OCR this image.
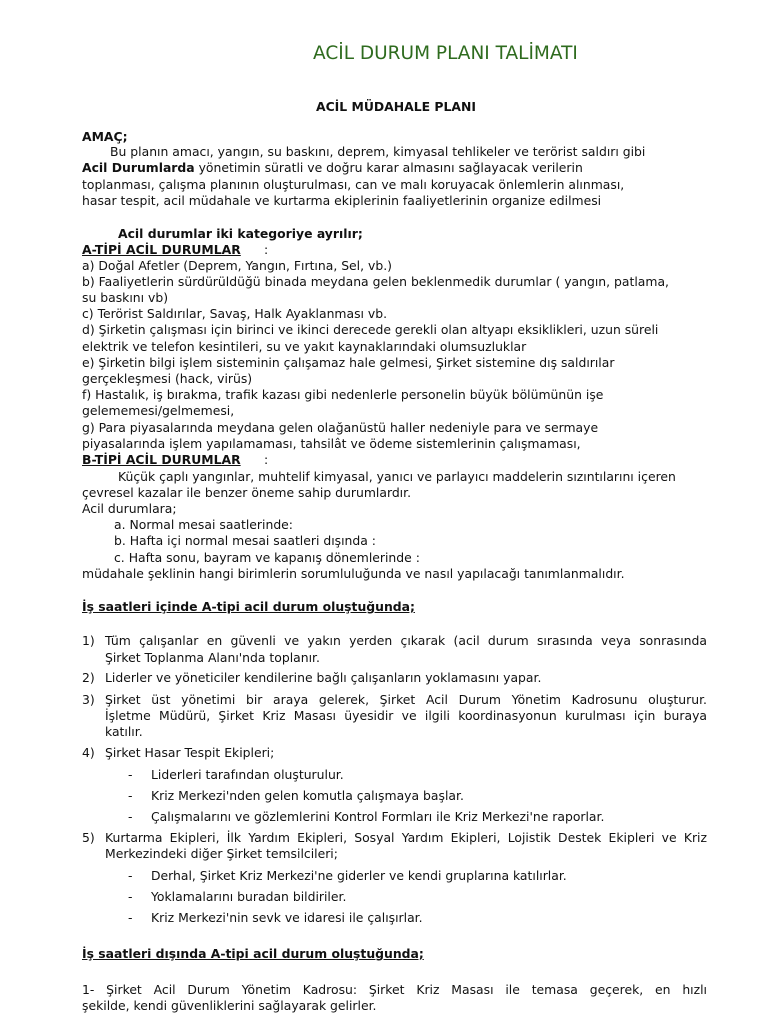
ACİL DURUM PLANI TALİMATI
ACİL MÜDAHALE PLANI
AMAÇ;
Bu planın amacı, yangın, su baskını, deprem, kimyasal tehlikeler ve terörist saldırı gibi
Acil Durumlarda yönetimin süratli ve doğru karar almasını sağlayacak verilerin
toplanması, çalışma planının oluşturulması, can ve malı koruyacak önlemlerin alınması,
hasar tespit, acil müdahale ve kurtarma ekiplerinin faaliyetlerinin organize edilmesi
Acil durumlar iki kategoriye ayrılır;
A-TİPİ ACİL DURUMLAR :
a) Doğal Afetler (Deprem, Yangın, Fırtına, Sel, vb.)
b) Faaliyetlerin sürdürüldüğü binada meydana gelen beklenmedik durumlar ( yangın, patlama,
su baskını vb)
c) Terörist Saldırılar, Savaş, Halk Ayaklanması vb.
d) Şirketin çalışması için birinci ve ikinci derecede gerekli olan altyapı eksiklikleri, uzun süreli
elektrik ve telefon kesintileri, su ve yakıt kaynaklarındaki olumsuzluklar
e) Şirketin bilgi işlem sisteminin çalışamaz hale gelmesi, Şirket sistemine dış saldırılar
gerçekleşmesi (hack, virüs)
f) Hastalık, iş bırakma, trafik kazası gibi nedenlerle personelin büyük bölümünün işe
gelememesi/gelmemesi,
g) Para piyasalarında meydana gelen olağanüstü haller nedeniyle para ve sermaye
piyasalarında işlem yapılamaması, tahsilât ve ödeme sistemlerinin çalışmaması,
B-TİPİ ACİL DURUMLAR :
Küçük çaplı yangınlar, muhtelif kimyasal, yanıcı ve parlayıcı maddelerin sızıntılarını içeren
çevresel kazalar ile benzer öneme sahip durumlardır.
Acil durumlara;
a. Normal mesai saatlerinde:
b. Hafta içi normal mesai saatleri dışında :
c. Hafta sonu, bayram ve kapanış dönemlerinde :
müdahale şeklinin hangi birimlerin sorumluluğunda ve nasıl yapılacağı tanımlanmalıdır.
İş saatleri içinde A-tipi acil durum oluştuğunda;
1) Tüm çalışanlar en güvenli ve yakın yerden çıkarak (acil durum sırasında veya sonrasında
Şirket Toplanma Alanı'nda toplanır.
2) Liderler ve yöneticiler kendilerine bağlı çalışanların yoklamasını yapar.
3) Şirket üst yönetimi bir araya gelerek, Şirket Acil Durum Yönetim Kadrosunu oluşturur.
İşletme Müdürü, Şirket Kriz Masası üyesidir ve ilgili koordinasyonun kurulması için buraya
katılır.
4) Şirket Hasar Tespit Ekipleri;
- Liderleri tarafından oluşturulur.
- Kriz Merkezi'nden gelen komutla çalışmaya başlar.
- Çalışmalarını ve gözlemlerini Kontrol Formları ile Kriz Merkezi'ne raporlar.
5) Kurtarma Ekipleri, İlk Yardım Ekipleri, Sosyal Yardım Ekipleri, Lojistik Destek Ekipleri ve Kriz
Merkezindeki diğer Şirket temsilcileri;
- Derhal, Şirket Kriz Merkezi'ne giderler ve kendi gruplarına katılırlar.
- Yoklamalarını buradan bildiriler.
- Kriz Merkezi'nin sevk ve idaresi ile çalışırlar.
İş saatleri dışında A-tipi acil durum oluştuğunda;
1- Şirket Acil Durum Yönetim Kadrosu: Şirket Kriz Masası ile temasa geçerek, en hızlı
şekilde, kendi güvenliklerini sağlayarak gelirler.
